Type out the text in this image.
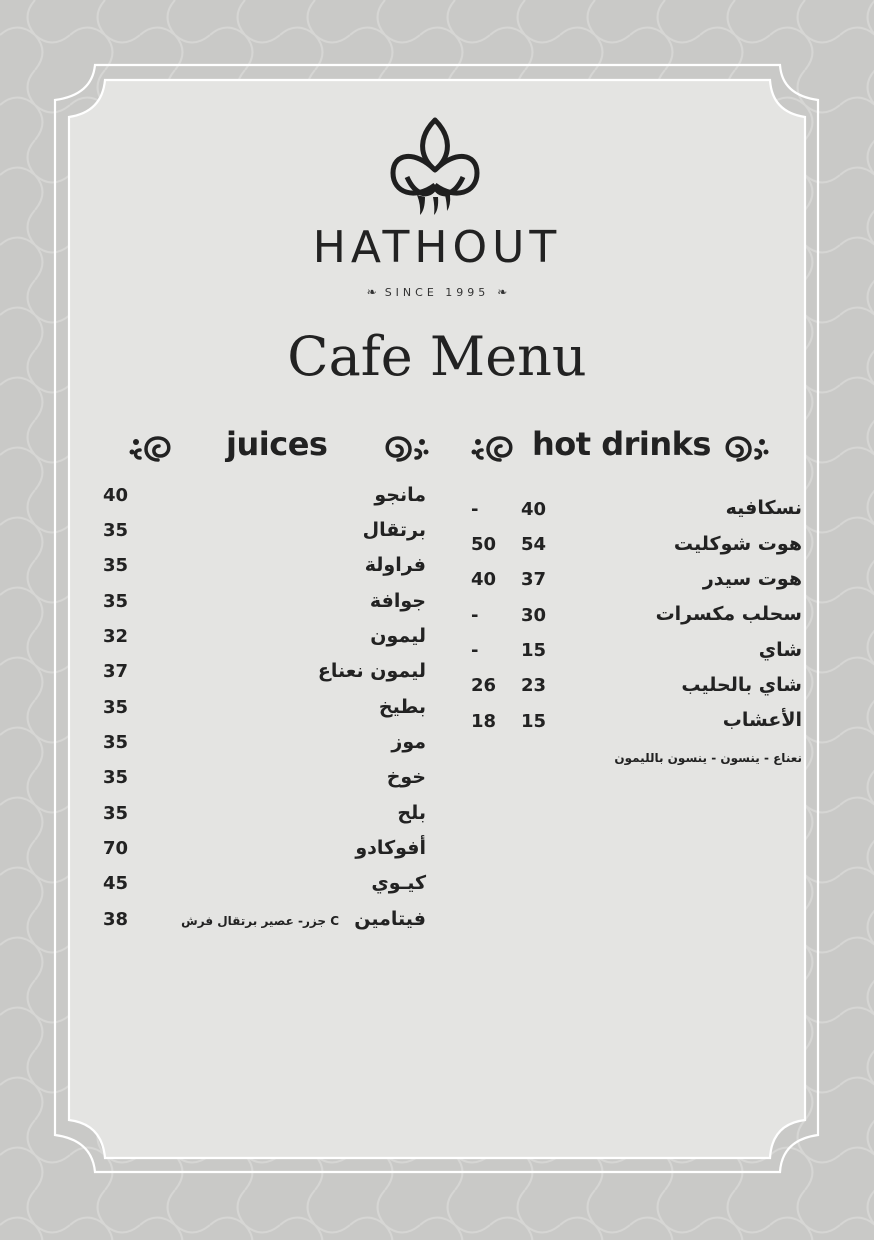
HATHOUT
❧ SINCE 1995 ❧
Cafe Menu
juices	hot drinks
مانجو
40
برتقال
35
فراولة
35
جوافة
35
ليمون
32
ليمون نعناع
37
بطيخ
35
موز
35
خوخ
35
بلح
35
أفوكادو
70
كيـوي
45
فيتامين
C جزر- عصير برتقال فرش
38
نسكافيه
40
-
هوت شوكليت
54
50
هوت سيدر
37
40
سحلب مكسرات
30
-
شاي
15
-
شاي بالحليب
23
26
الأعشاب
15
18
نعناع - ينسون - ينسون بالليمون
